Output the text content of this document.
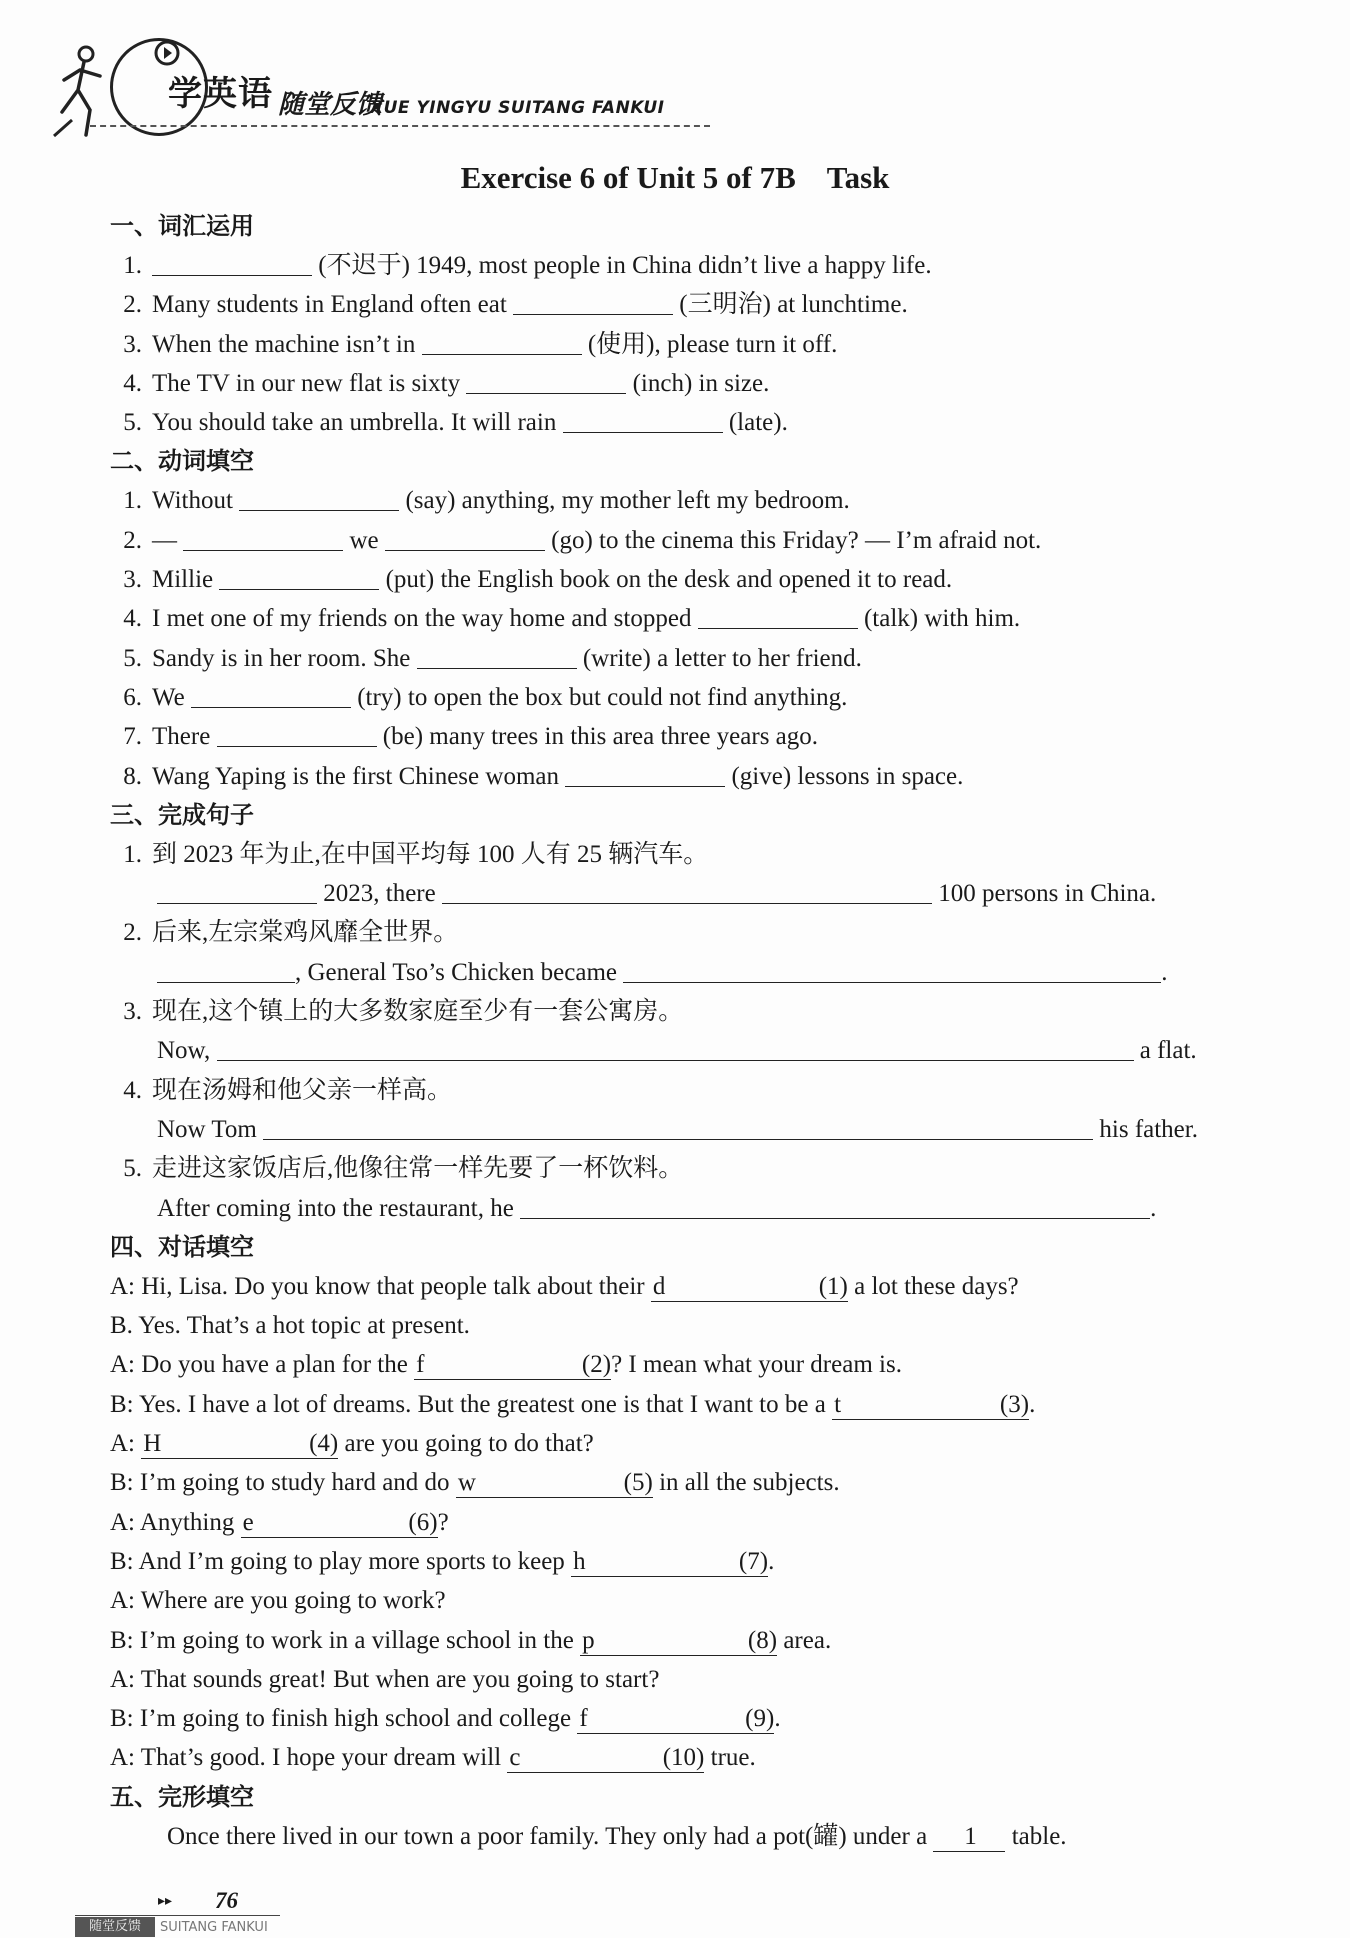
学英语 随堂反馈
XUE YINGYU SUITANG FANKUI
Exercise 6 of Unit 5 of 7B　Task
一、词汇运用
1.	(不迟于) 1949, most people in China didn’t live a happy life.
2. Many students in England often eat	(三明治) at lunchtime.
3. When the machine isn’t in	(使用), please turn it off.
4. The TV in our new flat is sixty	(inch) in size.
5. You should take an umbrella. It will rain	(late).
二、动词填空
1. Without	(say) anything, my mother left my bedroom.
2. —	we	(go) to the cinema this Friday? — I’m afraid not.
3. Millie	(put) the English book on the desk and opened it to read.
4. I met one of my friends on the way home and stopped	(talk) with him.
5. Sandy is in her room. She	(write) a letter to her friend.
6. We	(try) to open the box but could not find anything.
7. There	(be) many trees in this area three years ago.
8. Wang Yaping is the first Chinese woman	(give) lessons in space.
三、完成句子
1. 到 2023 年为止,在中国平均每 100 人有 25 辆汽车。
2023, there	100 persons in China.
2. 后来,左宗棠鸡风靡全世界。
, General Tso’s Chicken became	.
3. 现在,这个镇上的大多数家庭至少有一套公寓房。
Now,	a flat.
4. 现在汤姆和他父亲一样高。
Now Tom	his father.
5. 走进这家饭店后,他像往常一样先要了一杯饮料。
After coming into the restaurant, he	.
四、对话填空
A: Hi, Lisa. Do you know that people talk about their d	(1) a lot these days?
B. Yes. That’s a hot topic at present.
A: Do you have a plan for the f	(2) ? I mean what your dream is.
B: Yes. I have a lot of dreams. But the greatest one is that I want to be a t	(3) .
A: H	(4) are you going to do that?
B: I’m going to study hard and do w	(5) in all the subjects.
A: Anything e	(6) ?
B: And I’m going to play more sports to keep h	(7) .
A: Where are you going to work?
B: I’m going to work in a village school in the p	(8) area.
A: That sounds great! But when are you going to start?
B: I’m going to finish high school and college f	(9) .
A: That’s good. I hope your dream will c	(10) true.
五、完形填空
Once there lived in our town a poor family. They only had a pot(罐) under a 1 table.
▸▸ 76
随堂反馈	SUITANG FANKUI
